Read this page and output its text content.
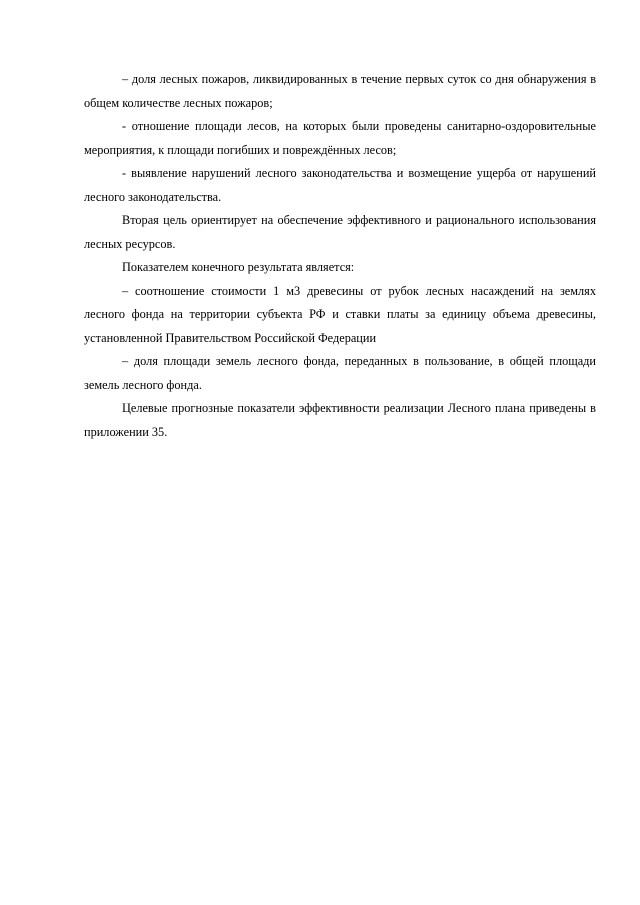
– доля лесных пожаров, ликвидированных в течение первых суток со дня обнаружения в общем количестве лесных пожаров;

- отношение площади лесов, на которых были проведены санитарно-оздоровительные мероприятия, к площади погибших и повреждённых лесов;

- выявление нарушений лесного законодательства и возмещение ущерба от нарушений лесного законодательства.

Вторая цель ориентирует на обеспечение эффективного и рационального использования лесных ресурсов.

Показателем конечного результата является:

– соотношение стоимости 1 м3 древесины от рубок лесных насаждений на землях лесного фонда на территории субъекта РФ и ставки платы за единицу объема древесины, установленной Правительством Российской Федерации

– доля площади земель лесного фонда, переданных в пользование, в общей площади земель лесного фонда.

Целевые прогнозные показатели эффективности реализации Лесного плана приведены в приложении 35.
